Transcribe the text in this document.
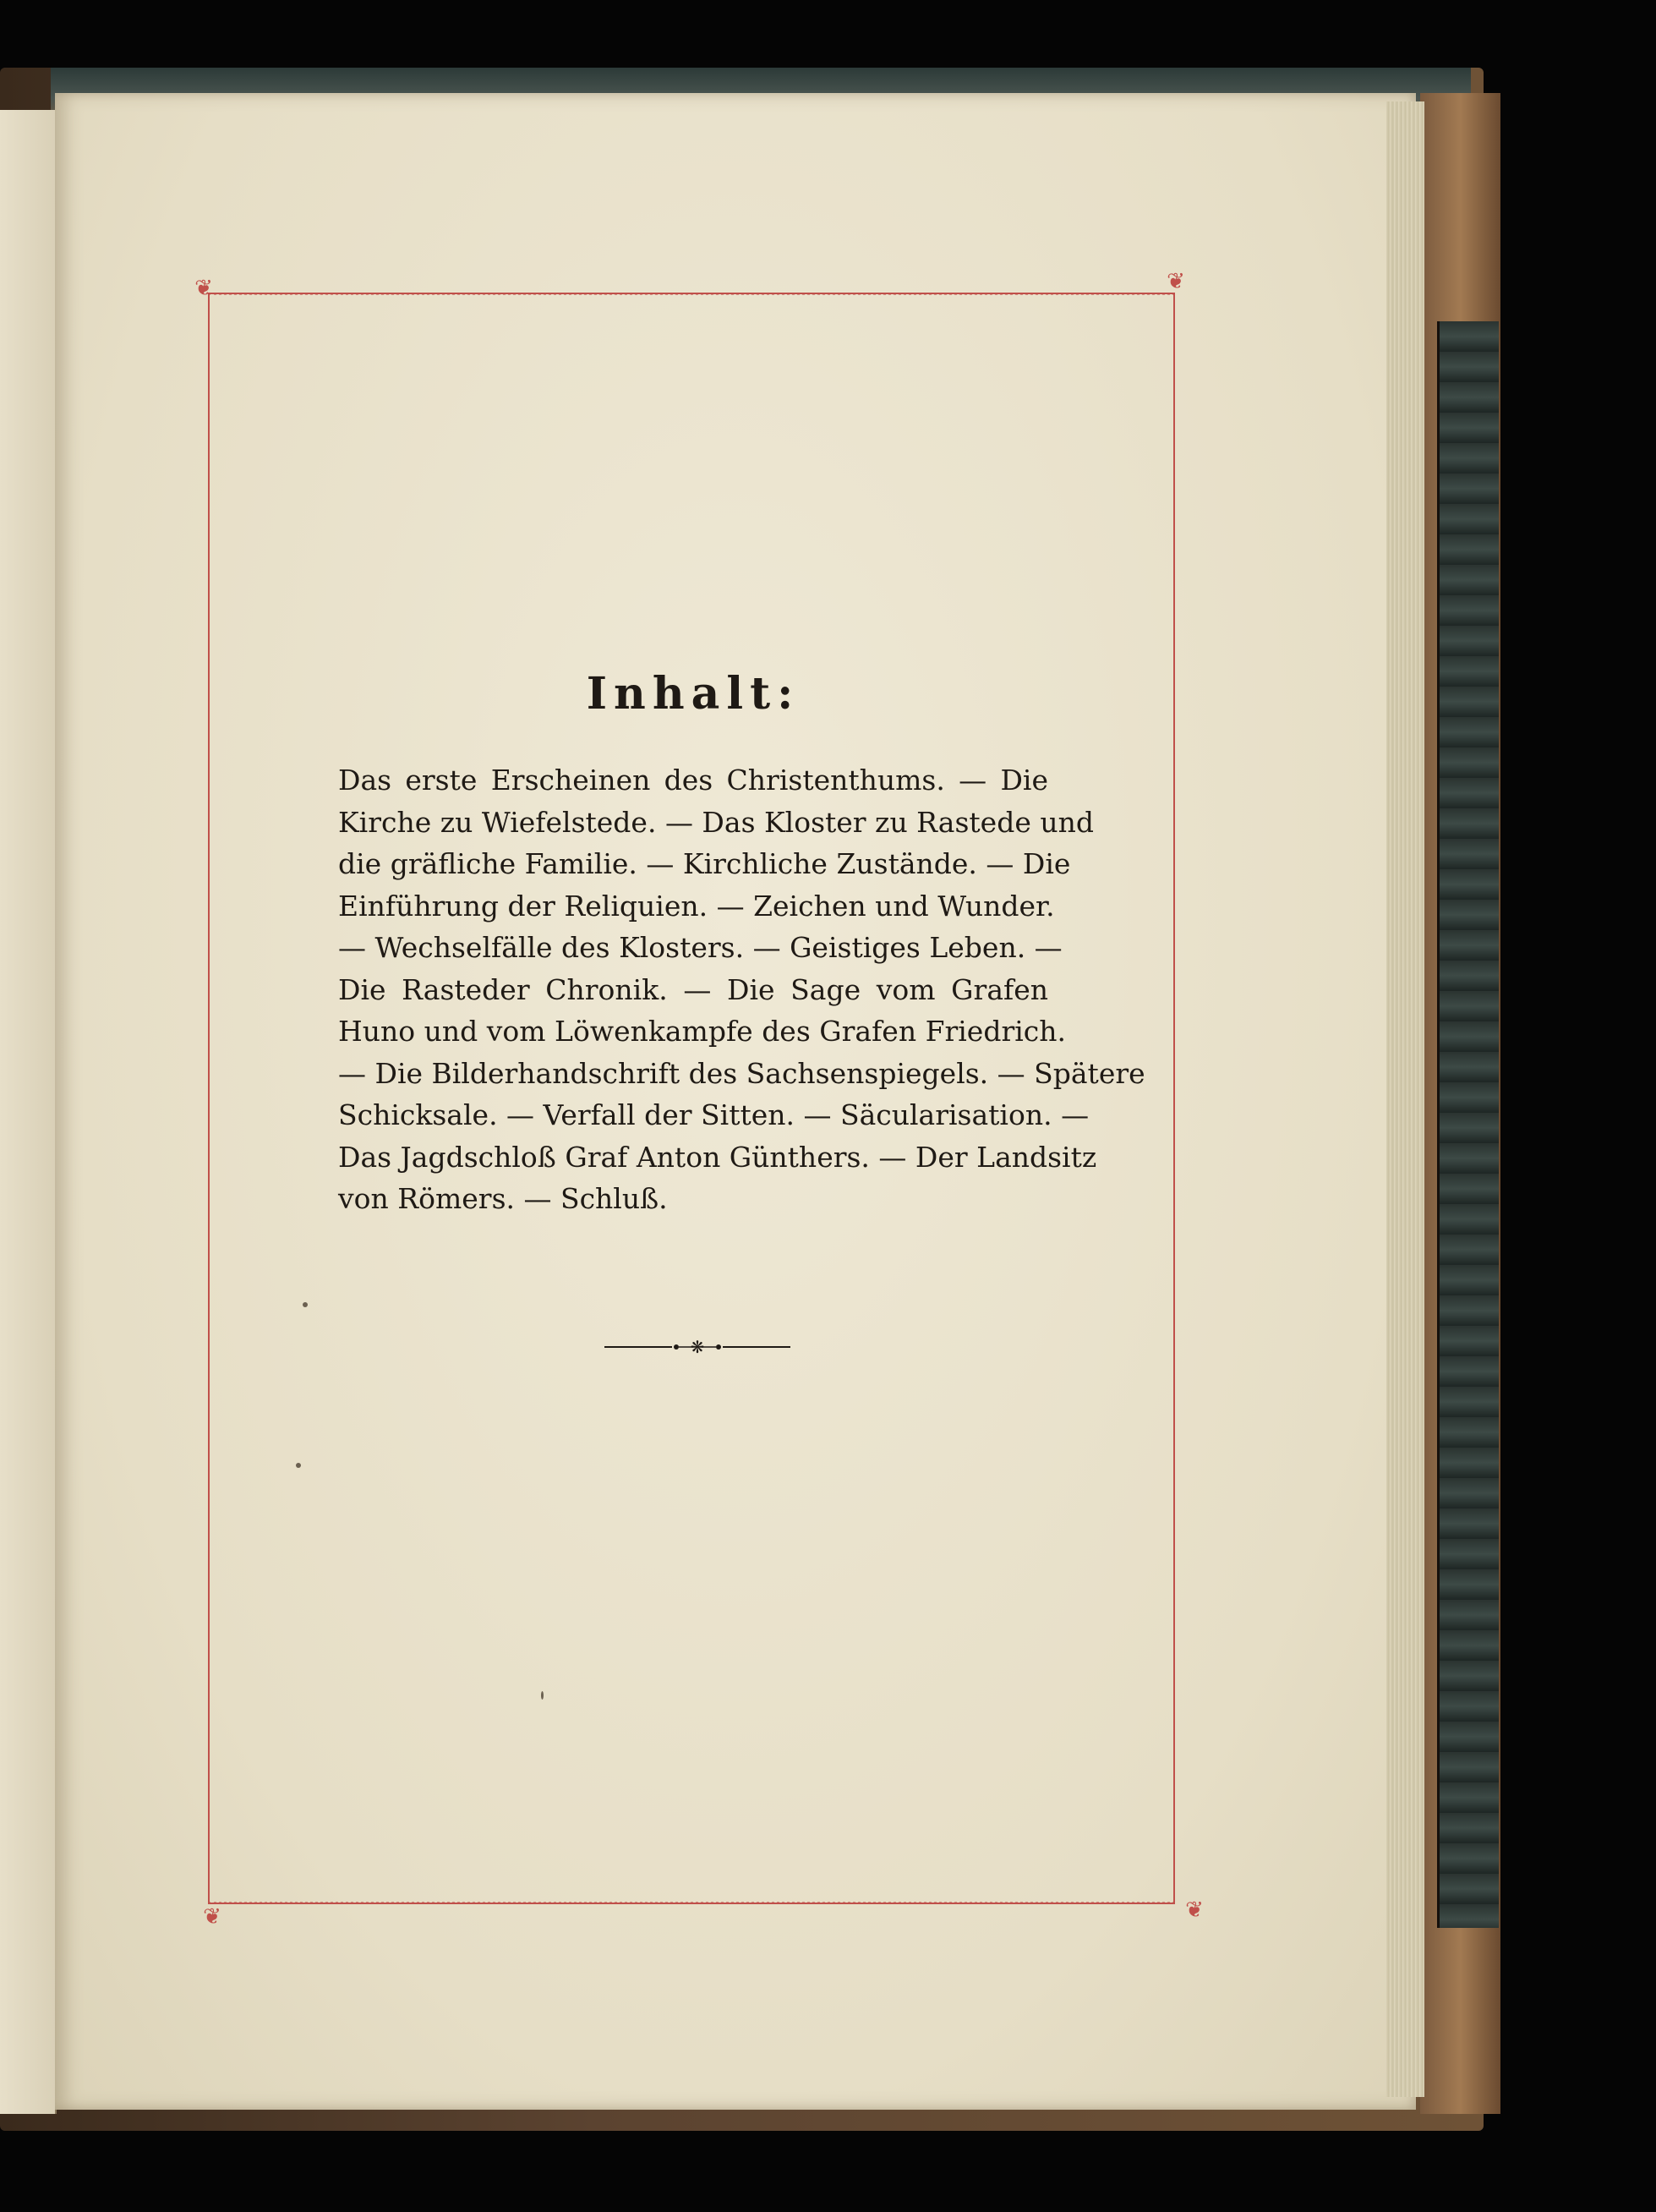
❦	❦
❦	❦
Inhalt:
Das erste Erscheinen des Christenthums. — Die
Kirche zu Wiefelstede. — Das Kloster zu Rastede und
die gräfliche Familie. — Kirchliche Zustände. — Die
Einführung der Reliquien. — Zeichen und Wunder.
— Wechselfälle des Klosters. — Geistiges Leben. —
Die Rasteder Chronik. — Die Sage vom Grafen
Huno und vom Löwenkampfe des Grafen Friedrich.
— Die Bilderhandschrift des Sachsenspiegels. — Spätere
Schicksale. — Verfall der Sitten. — Säcularisation. —
Das Jagdschloß Graf Anton Günthers. — Der Landsitz
von Römers. — Schluß.
❋
